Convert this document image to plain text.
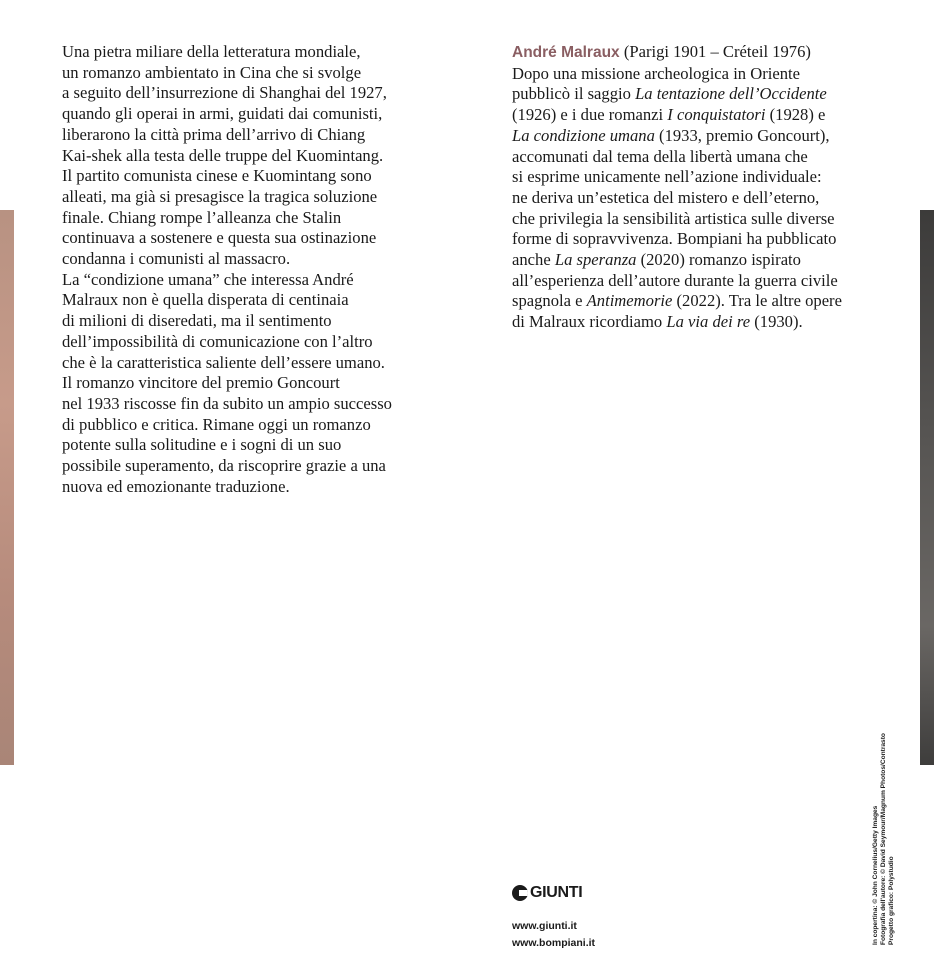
Una pietra miliare della letteratura mondiale,
un romanzo ambientato in Cina che si svolge
a seguito dell’insurrezione di Shanghai del 1927,
quando gli operai in armi, guidati dai comunisti,
liberarono la città prima dell’arrivo di Chiang
Kai-shek alla testa delle truppe del Kuomintang.
Il partito comunista cinese e Kuomintang sono
alleati, ma già si presagisce la tragica soluzione
finale. Chiang rompe l’alleanza che Stalin
continuava a sostenere e questa sua ostinazione
condanna i comunisti al massacro.
La “condizione umana” che interessa André
Malraux non è quella disperata di centinaia
di milioni di diseredati, ma il sentimento
dell’impossibilità di comunicazione con l’altro
che è la caratteristica saliente dell’essere umano.
Il romanzo vincitore del premio Goncourt
nel 1933 riscosse fin da subito un ampio successo
di pubblico e critica. Rimane oggi un romanzo
potente sulla solitudine e i sogni di un suo
possibile superamento, da riscoprire grazie a una
nuova ed emozionante traduzione.
André Malraux (Parigi 1901 – Créteil 1976)
Dopo una missione archeologica in Oriente
pubblicò il saggio La tentazione dell’Occidente
(1926) e i due romanzi I conquistatori (1928) e
La condizione umana (1933, premio Goncourt),
accomunati dal tema della libertà umana che
si esprime unicamente nell’azione individuale:
ne deriva un’estetica del mistero e dell’eterno,
che privilegia la sensibilità artistica sulle diverse
forme di sopravvivenza. Bompiani ha pubblicato
anche La speranza (2020) romanzo ispirato
all’esperienza dell’autore durante la guerra civile
spagnola e Antimemorie (2022). Tra le altre opere
di Malraux ricordiamo La via dei re (1930).
GIUNTI
www.giunti.it
www.bompiani.it	In copertina: © John Cornelius/Getty Images Fotografia dell'autore: © David Seymour/Magnum Photos/Contrasto Progetto grafico: Polystudio
